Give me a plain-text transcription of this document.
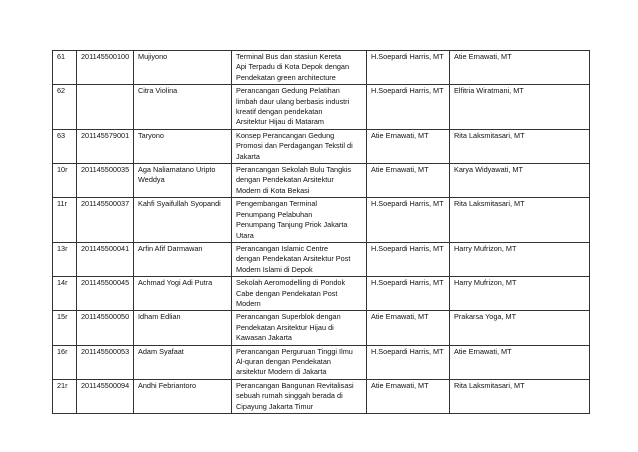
61	201145500100	Mujiyono	Terminal Bus dan stasiun Kereta
Api Terpadu di Kota Depok dengan
Pendekatan green architecture	H.Soepardi Harris, MT	Atie Ernawati, MT
62		Citra Violina	Perancangan Gedung Pelatihan
limbah daur ulang berbasis industri
kreatif dengan pendekatan
Arsitektur Hijau di Mataram	H.Soepardi Harris, MT	Elfitria Wiratmani, MT
63	201145579001	Taryono	Konsep Perancangan Gedung
Promosi dan Perdagangan Tekstil di
Jakarta	Atie Ernawati, MT	Rita Laksmitasari, MT
10r	201145500035	Aga Naliamatano Uripto
Weddya	Perancangan Sekolah Bulu Tangkis
dengan Pendekatan Arsitektur
Modern di Kota Bekasi	Atie Ernawati, MT	Karya Widyawati, MT
11r	201145500037	Kahfi Syaifullah Syopandi	Pengembangan Terminal
Penumpang Pelabuhan
Penumpang Tanjung Priok Jakarta
Utara	H.Soepardi Harris, MT	Rita Laksmitasari, MT
13r	201145500041	Arfin Afif Darmawan	Perancangan Islamic Centre
dengan Pendekatan Arsitektur Post
Modern Islami di Depok	H.Soepardi Harris, MT	Harry Mufrizon, MT
14r	201145500045	Achmad Yogi Adi Putra	Sekolah Aeromodelling di Pondok
Cabe dengan Pendekatan Post
Modern	H.Soepardi Harris, MT	Harry Mufrizon, MT
15r	201145500050	Idham Edlian	Perancangan Superblok dengan
Pendekatan Arsitektur Hijau di
Kawasan Jakarta	Atie Ernawati, MT	Prakarsa Yoga, MT
16r	201145500053	Adam Syafaat	Perancangan Perguruan Tinggi Ilmu
Al-quran dengan Pendekatan
arsitektur Modern di Jakarta	H.Soepardi Harris, MT	Atie Ernawati, MT
21r	201145500094	Andhi Febriantoro	Perancangan Bangunan Revitalisasi
sebuah rumah singgah berada di
Cipayung Jakarta Timur	Atie Ernawati, MT	Rita Laksmitasari, MT
